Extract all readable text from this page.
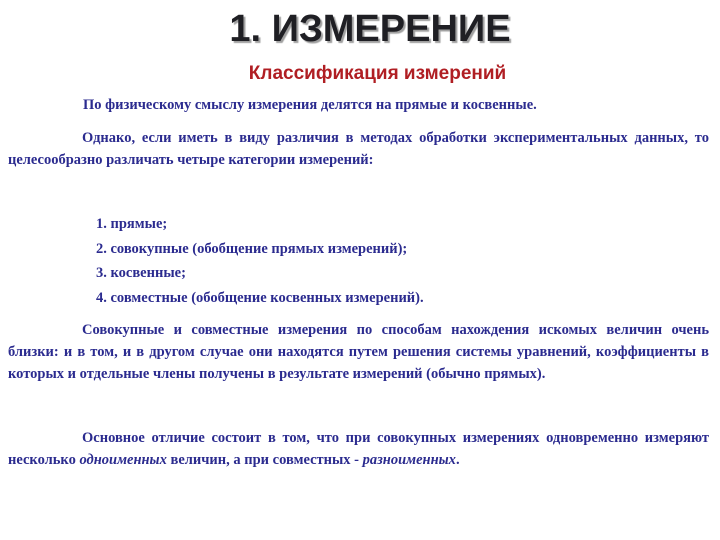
1. ИЗМЕРЕНИЕ
Классификация измерений

По физическому смыслу измерения делятся на прямые и косвенные.

Однако, если иметь в виду различия в методах обработки экспериментальных данных, то целесообразно различать четыре категории измерений:

1. прямые;
2. совокупные (обобщение прямых измерений);
3. косвенные;
4. совместные (обобщение косвенных измерений).

Совокупные и совместные измерения по способам нахождения искомых величин очень близки: и в том, и в другом случае они находятся путем решения системы уравнений, коэффициенты в которых и отдельные члены получены в результате измерений (обычно прямых).

Основное отличие состоит в том, что при совокупных измерениях одновременно измеряют несколько одноименных величин, а при совместных - разноименных.
